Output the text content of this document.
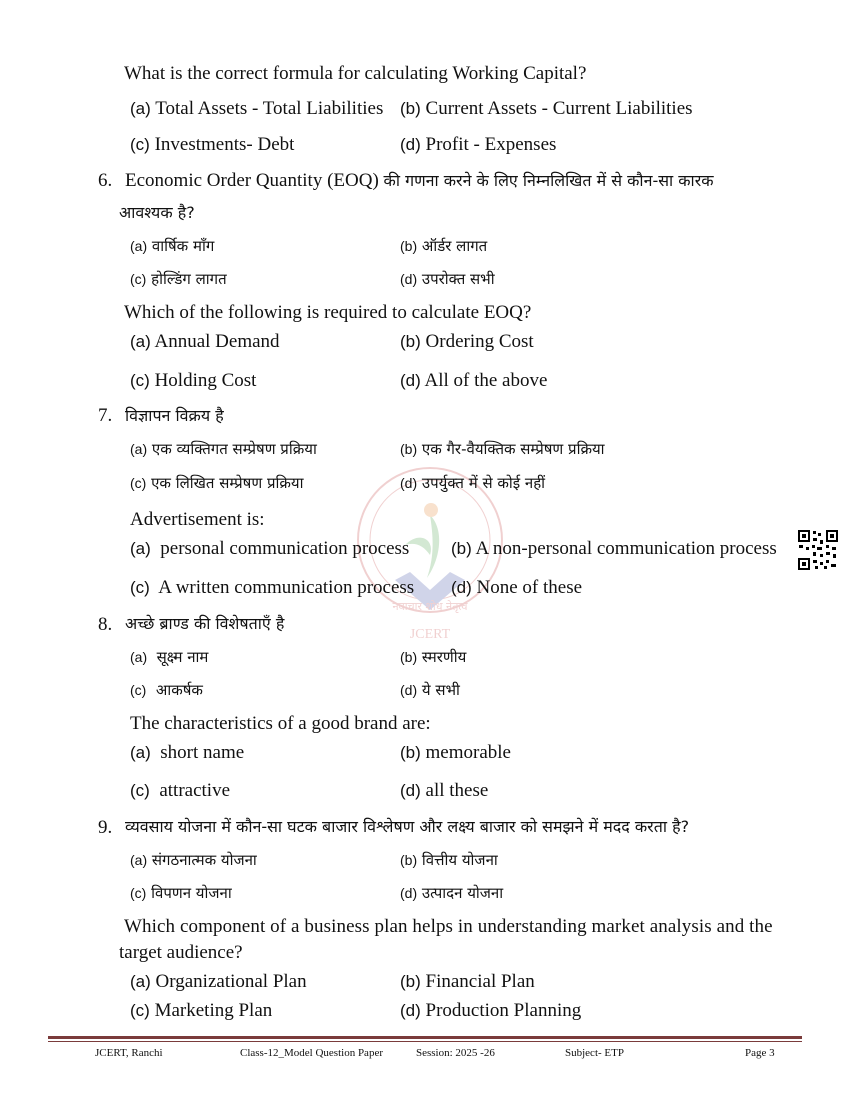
नवाचार शोध नेतृत्व
JCERT
What is the correct formula for calculating Working Capital?
(a) Total Assets - Total Liabilities (b) Current Assets - Current Liabilities
(c) Investments- Debt	(d) Profit - Expenses
6. Economic Order Quantity (EOQ) की गणना करने के लिए निम्नलिखित में से कौन-सा कारक
आवश्यक है?
(a) वार्षिक माँग	(b) ऑर्डर लागत
(c) होल्डिंग लागत	(d) उपरोक्त सभी
Which of the following is required to calculate EOQ?
(a) Annual Demand	(b) Ordering Cost
(c) Holding Cost	(d) All of the above
7. विज्ञापन विक्रय है
(a) एक व्यक्तिगत सम्प्रेषण प्रक्रिया	(b) एक गैर-वैयक्तिक सम्प्रेषण प्रक्रिया
(c) एक लिखित सम्प्रेषण प्रक्रिया	(d) उपर्युक्त में से कोई नहीं
Advertisement is:
(a) personal communication process (b) A non-personal communication process
(c) A written communication process (d) None of these
8. अच्छे ब्राण्ड की विशेषताएँ है
(a) सूक्ष्म नाम	(b) स्मरणीय
(c) आकर्षक	(d) ये सभी
The characteristics of a good brand are:
(a) short name	(b) memorable
(c) attractive	(d) all these
9. व्यवसाय योजना में कौन-सा घटक बाजार विश्लेषण और लक्ष्य बाजार को समझने में मदद करता है?
(a) संगठनात्मक योजना	(b) वित्तीय योजना
(c) विपणन योजना	(d) उत्पादन योजना
Which component of a business plan helps in understanding market analysis and the
target audience?
(a) Organizational Plan	(b) Financial Plan
(c) Marketing Plan	(d) Production Planning
JCERT, Ranchi	Class-12_Model Question Paper	Session: 2025 -26	Subject- ETP	Page 3
